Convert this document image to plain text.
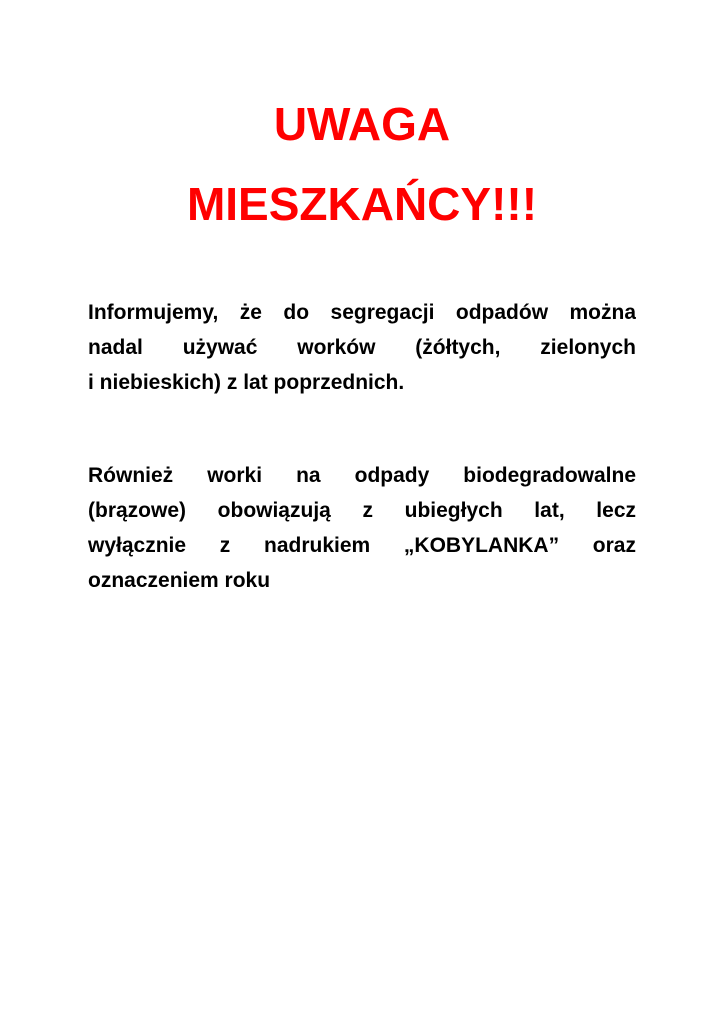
UWAGA
MIESZKAŃCY!!!

Informujemy, że do segregacji odpadów można
nadal używać worków (żółtych, zielonych
i niebieskich) z lat poprzednich.

Również worki na odpady biodegradowalne
(brązowe) obowiązują z ubiegłych lat, lecz
wyłącznie z nadrukiem „KOBYLANKA” oraz
oznaczeniem roku
